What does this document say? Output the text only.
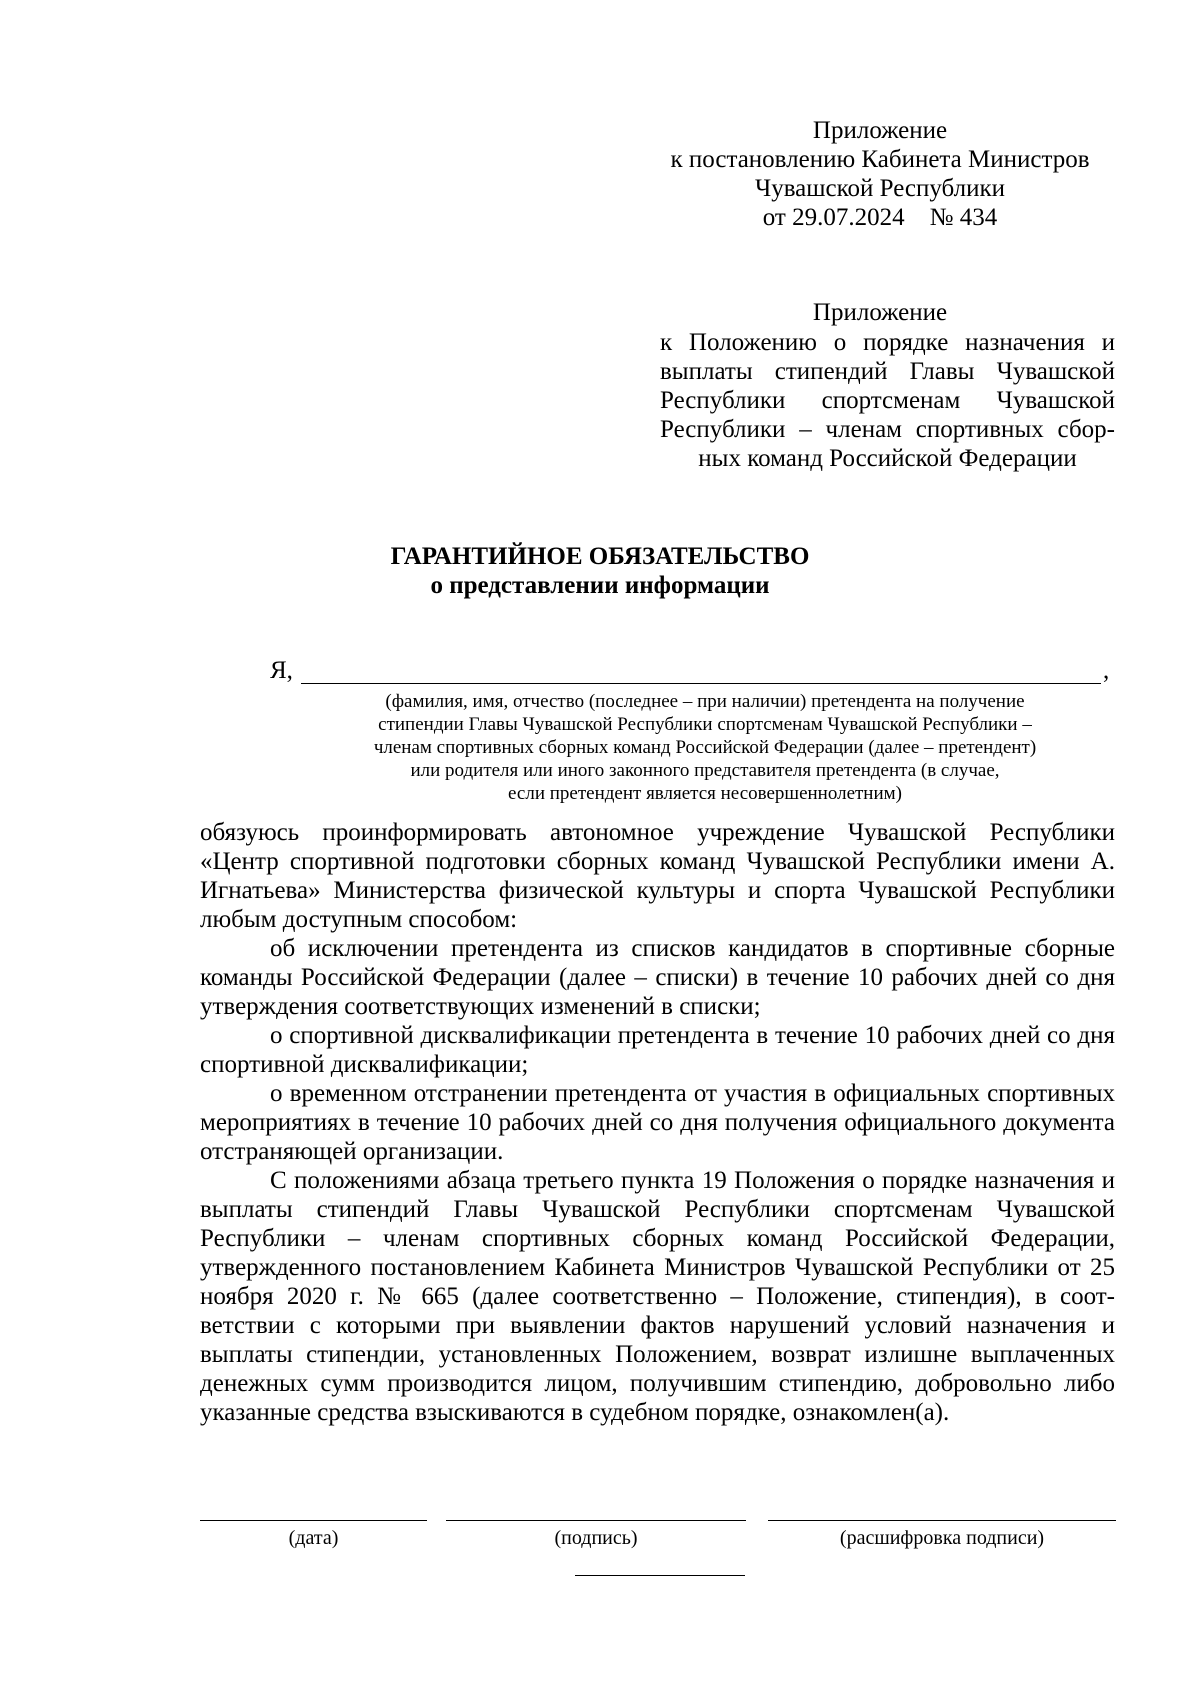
Приложение
к постановлению Кабинета Министров
Чувашской Республики
от 29.07.2024    № 434
Приложение
к Положению о порядке назначения и выплаты стипендий Главы Чувашской Республики спортсменам Чувашской Республики – членам спортивных сборных команд Российской Федерации
ГАРАНТИЙНОЕ ОБЯЗАТЕЛЬСТВО
о представлении информации
Я,	,
(фамилия, имя, отчество (последнее – при наличии) претендента на получение
стипендии Главы Чувашской Республики спортсменам Чувашской Республики –
членам спортивных сборных команд Российской Федерации (далее – претендент)
или родителя или иного законного представителя претендента (в случае,
если претендент является несовершеннолетним)

обязуюсь проинформировать автономное учреждение Чувашской Республики «Центр спортивной подготовки сборных команд Чувашской Республики имени А. Игнатьева» Министерства физической культуры и спорта Чувашской Республики любым доступным способом:

об исключении претендента из списков кандидатов в спортивные сборные команды Российской Федерации (далее – списки) в течение 10 рабочих дней со дня утверждения соответствующих изменений в списки;

о спортивной дисквалификации претендента в течение 10 рабочих дней со дня спортивной дисквалификации;

о временном отстранении претендента от участия в официальных спортивных мероприятиях в течение 10 рабочих дней со дня получения официального документа отстраняющей организации.

С положениями абзаца третьего пункта 19 Положения о порядке назначения и выплаты стипендий Главы Чувашской Республики спортсменам Чувашской Республики – членам спортивных сборных команд Российской Федерации, утвержденного постановлением Кабинета Министров Чувашской Республики от 25 ноября 2020 г. № 665 (далее соответственно – Положение, стипендия), в соответствии с которыми при выявлении фактов нарушений условий назначения и выплаты стипендии, установленных Положением, возврат излишне выплаченных денежных сумм производится лицом, получившим стипендию, добровольно либо указанные средства взыскиваются в судебном порядке, ознакомлен(а).

(дата)	(подпись)	(расшифровка подписи)
